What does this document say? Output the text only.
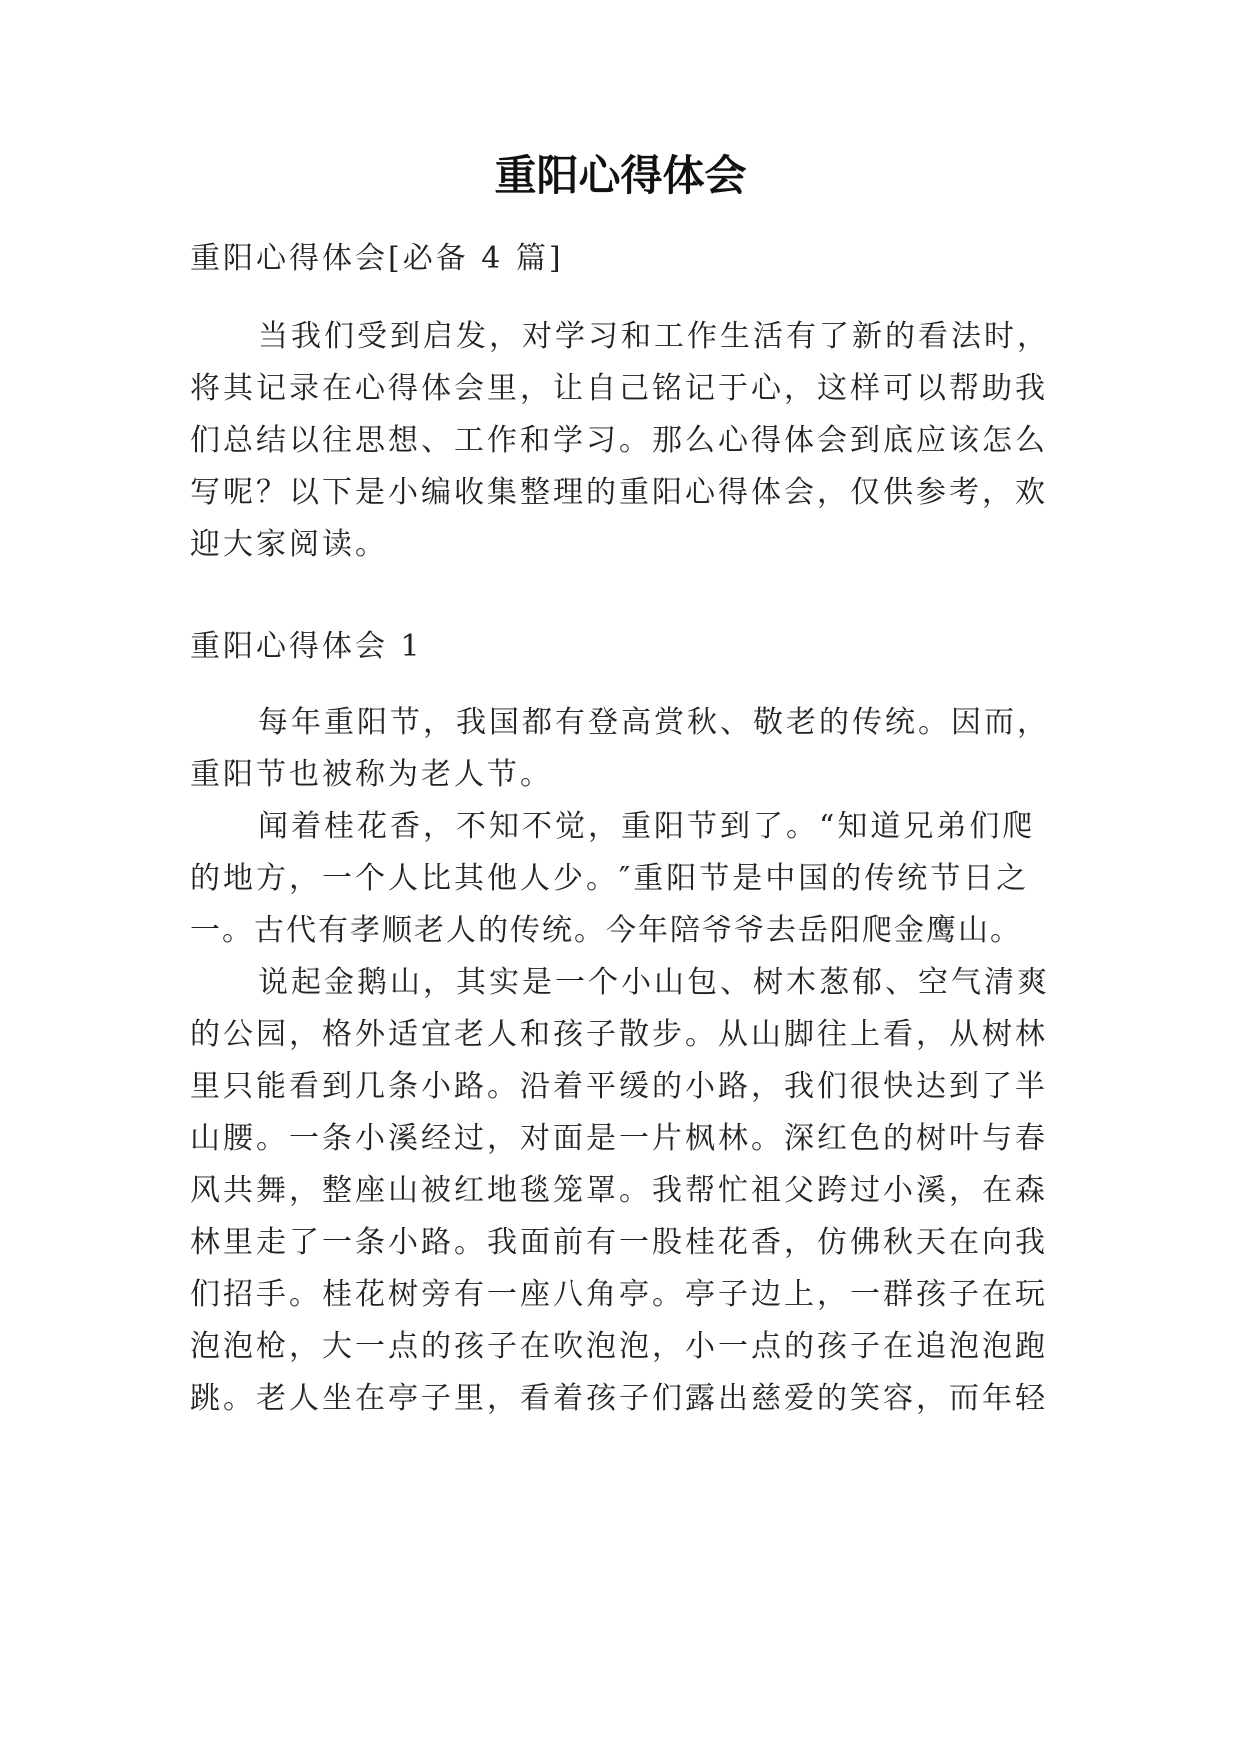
重阳心得体会
重阳心得体会[必备 4 篇]
当我们受到启发，对学习和工作生活有了新的看法时，
将其记录在心得体会里，让自己铭记于心，这样可以帮助我
们总结以往思想、工作和学习。那么心得体会到底应该怎么
写呢？以下是小编收集整理的重阳心得体会，仅供参考，欢
迎大家阅读。
重阳心得体会 1
每年重阳节，我国都有登高赏秋、敬老的传统。因而，
重阳节也被称为老人节。
闻着桂花香，不知不觉，重阳节到了。“知道兄弟们爬
的地方，一个人比其他人少。″重阳节是中国的传统节日之
一。古代有孝顺老人的传统。今年陪爷爷去岳阳爬金鹰山。
说起金鹅山，其实是一个小山包、树木葱郁、空气清爽
的公园，格外适宜老人和孩子散步。从山脚往上看，从树林
里只能看到几条小路。沿着平缓的小路，我们很快达到了半
山腰。一条小溪经过，对面是一片枫林。深红色的树叶与春
风共舞，整座山被红地毯笼罩。我帮忙祖父跨过小溪，在森
林里走了一条小路。我面前有一股桂花香，仿佛秋天在向我
们招手。桂花树旁有一座八角亭。亭子边上，一群孩子在玩
泡泡枪，大一点的孩子在吹泡泡，小一点的孩子在追泡泡跑
跳。老人坐在亭子里，看着孩子们露出慈爱的笑容，而年轻
